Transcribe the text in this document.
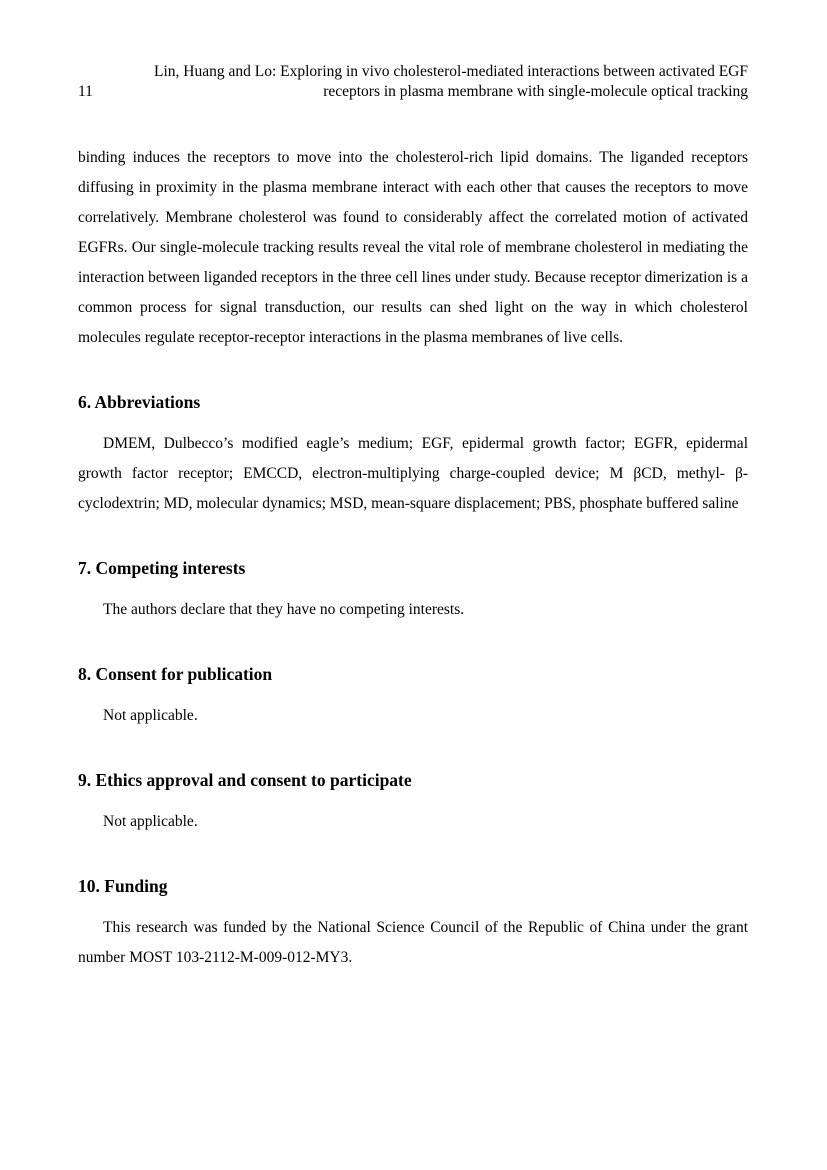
11
Lin, Huang and Lo: Exploring in vivo cholesterol-mediated interactions between activated EGF
receptors in plasma membrane with single-molecule optical tracking

binding induces the receptors to move into the cholesterol-rich lipid domains. The liganded receptors diffusing in proximity in the plasma membrane interact with each other that causes the receptors to move correlatively. Membrane cholesterol was found to considerably affect the correlated motion of activated EGFRs. Our single-molecule tracking results reveal the vital role of membrane cholesterol in mediating the interaction between liganded receptors in the three cell lines under study. Because receptor dimerization is a common process for signal transduction, our results can shed light on the way in which cholesterol molecules regulate receptor-receptor interactions in the plasma membranes of live cells.

6. Abbreviations

DMEM, Dulbecco’s modified eagle’s medium; EGF, epidermal growth factor; EGFR, epidermal growth factor receptor; EMCCD, electron-multiplying charge-coupled device; M βCD, methyl- β-cyclodextrin; MD, molecular dynamics; MSD, mean-square displacement; PBS, phosphate buffered saline

7. Competing interests

The authors declare that they have no competing interests.

8. Consent for publication

Not applicable.

9. Ethics approval and consent to participate

Not applicable.

10. Funding

This research was funded by the National Science Council of the Republic of China under the grant number MOST 103-2112-M-009-012-MY3.
